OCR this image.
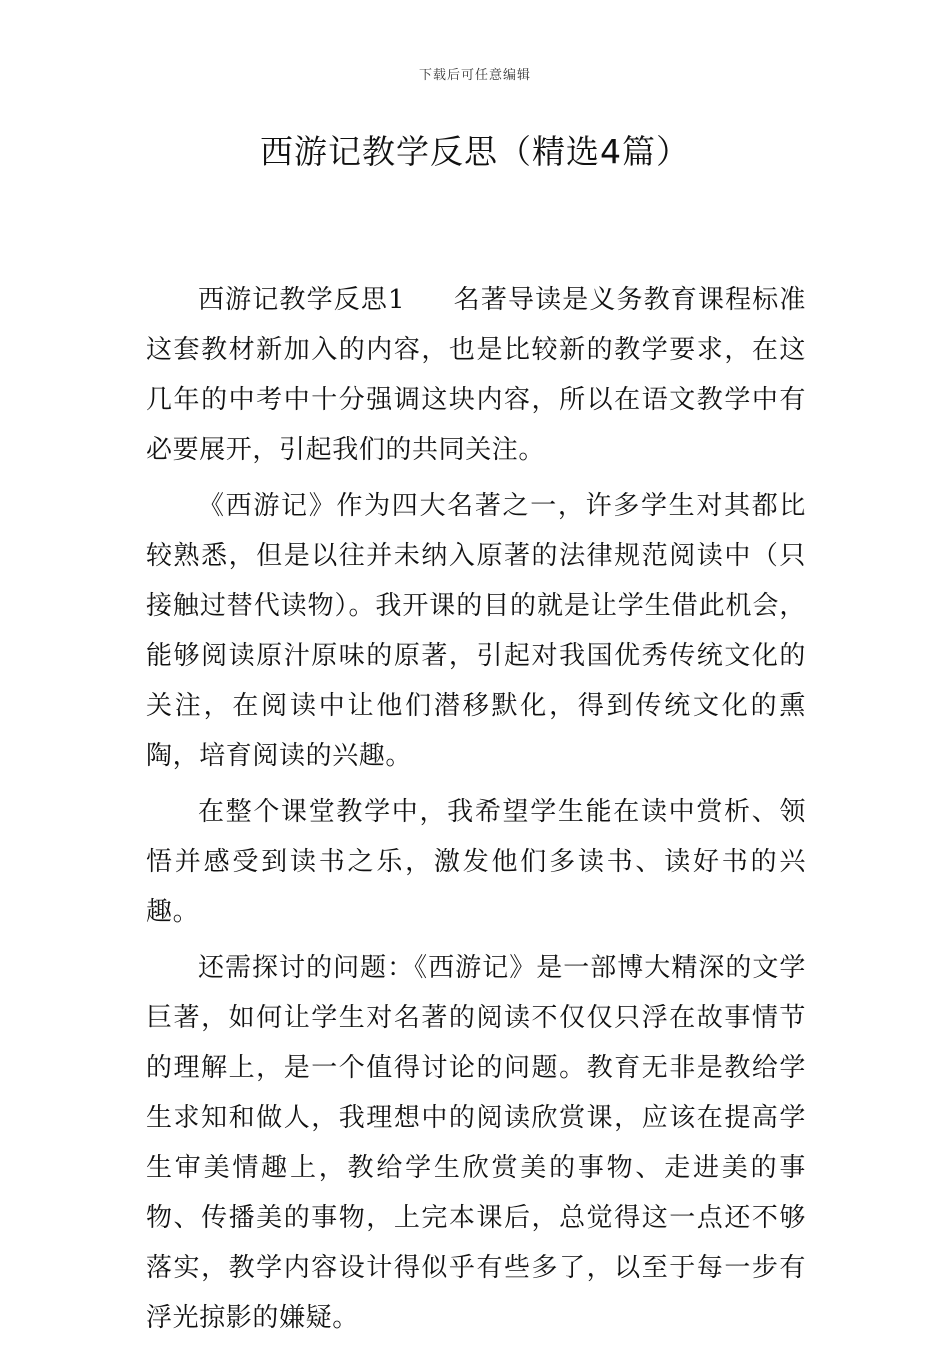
下载后可任意编辑
西游记教学反思（精选4篇）

西游记教学反思1 名著导读是义务教育课程标准这套教材新加入的内容，也是比较新的教学要求，在这几年的中考中十分强调这块内容，所以在语文教学中有必要展开，引起我们的共同关注。

《西游记》作为四大名著之一，许多学生对其都比较熟悉，但是以往并未纳入原著的法律规范阅读中（只接触过替代读物）。我开课的目的就是让学生借此机会，能够阅读原汁原味的原著，引起对我国优秀传统文化的关注，在阅读中让他们潜移默化，得到传统文化的熏陶，培育阅读的兴趣。

在整个课堂教学中，我希望学生能在读中赏析、领悟并感受到读书之乐，激发他们多读书、读好书的兴趣。

还需探讨的问题：《西游记》是一部博大精深的文学巨著，如何让学生对名著的阅读不仅仅只浮在故事情节的理解上，是一个值得讨论的问题。教育无非是教给学生求知和做人，我理想中的阅读欣赏课，应该在提高学生审美情趣上，教给学生欣赏美的事物、走进美的事物、传播美的事物，上完本课后，总觉得这一点还不够落实，教学内容设计得似乎有些多了，以至于每一步有浮光掠影的嫌疑。
